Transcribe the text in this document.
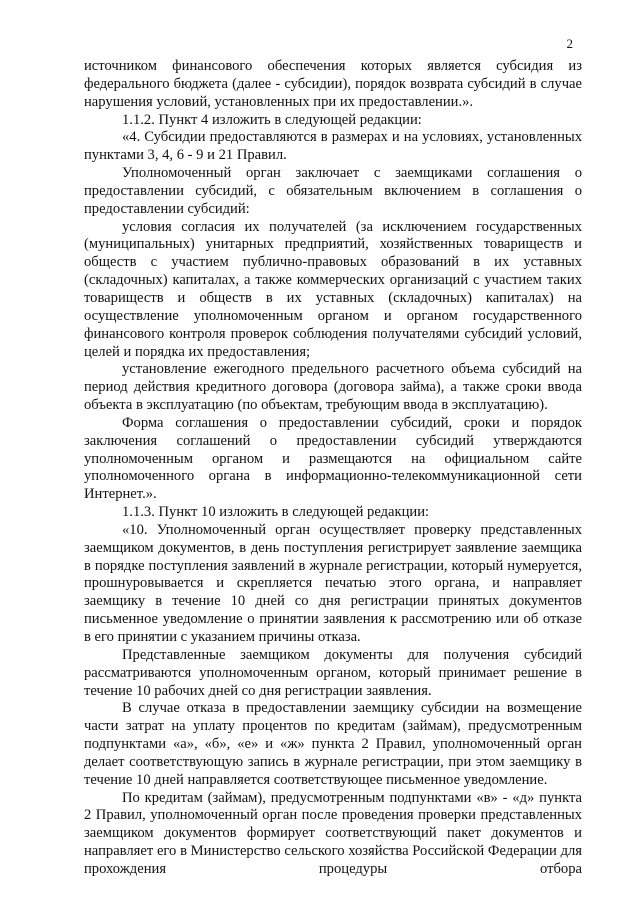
2

источником финансового обеспечения которых является субсидия из федерального бюджета (далее - субсидии), порядок возврата субсидий в случае нарушения условий, установленных при их предоставлении.».

1.1.2. Пункт 4 изложить в следующей редакции:

«4. Субсидии предоставляются в размерах и на условиях, установленных пунктами 3, 4, 6 - 9 и 21 Правил.

Уполномоченный орган заключает с заемщиками соглашения о предоставлении субсидий, с обязательным включением в соглашения о предоставлении субсидий:

условия согласия их получателей (за исключением государственных (муниципальных) унитарных предприятий, хозяйственных товариществ и обществ с участием публично-правовых образований в их уставных (складочных) капиталах, а также коммерческих организаций с участием таких товариществ и обществ в их уставных (складочных) капиталах) на осуществление уполномоченным органом и органом государственного финансового контроля проверок соблюдения получателями субсидий условий, целей и порядка их предоставления;

установление ежегодного предельного расчетного объема субсидий на период действия кредитного договора (договора займа), а также сроки ввода объекта в эксплуатацию (по объектам, требующим ввода в эксплуатацию).

Форма соглашения о предоставлении субсидий, сроки и порядок заключения соглашений о предоставлении субсидий утверждаются уполномоченным органом и размещаются на официальном сайте уполномоченного органа в информационно-телекоммуникационной сети Интернет.».

1.1.3. Пункт 10 изложить в следующей редакции:

«10. Уполномоченный орган осуществляет проверку представленных заемщиком документов, в день поступления регистрирует заявление заемщика в порядке поступления заявлений в журнале регистрации, который нумеруется, прошнуровывается и скрепляется печатью этого органа, и направляет заемщику в течение 10 дней со дня регистрации принятых документов письменное уведомление о принятии заявления к рассмотрению или об отказе в его принятии с указанием причины отказа.

Представленные заемщиком документы для получения субсидий рассматриваются уполномоченным органом, который принимает решение в течение 10 рабочих дней со дня регистрации заявления.

В случае отказа в предоставлении заемщику субсидии на возмещение части затрат на уплату процентов по кредитам (займам), предусмотренным подпунктами «а», «б», «е» и «ж» пункта 2 Правил, уполномоченный орган делает соответствующую запись в журнале регистрации, при этом заемщику в течение 10 дней направляется соответствующее письменное уведомление.

По кредитам (займам), предусмотренным подпунктами «в» - «д» пункта 2 Правил, уполномоченный орган после проведения проверки представленных заемщиком документов формирует соответствующий пакет документов и направляет его в Министерство сельского хозяйства Российской Федерации для прохождения процедуры отбора
